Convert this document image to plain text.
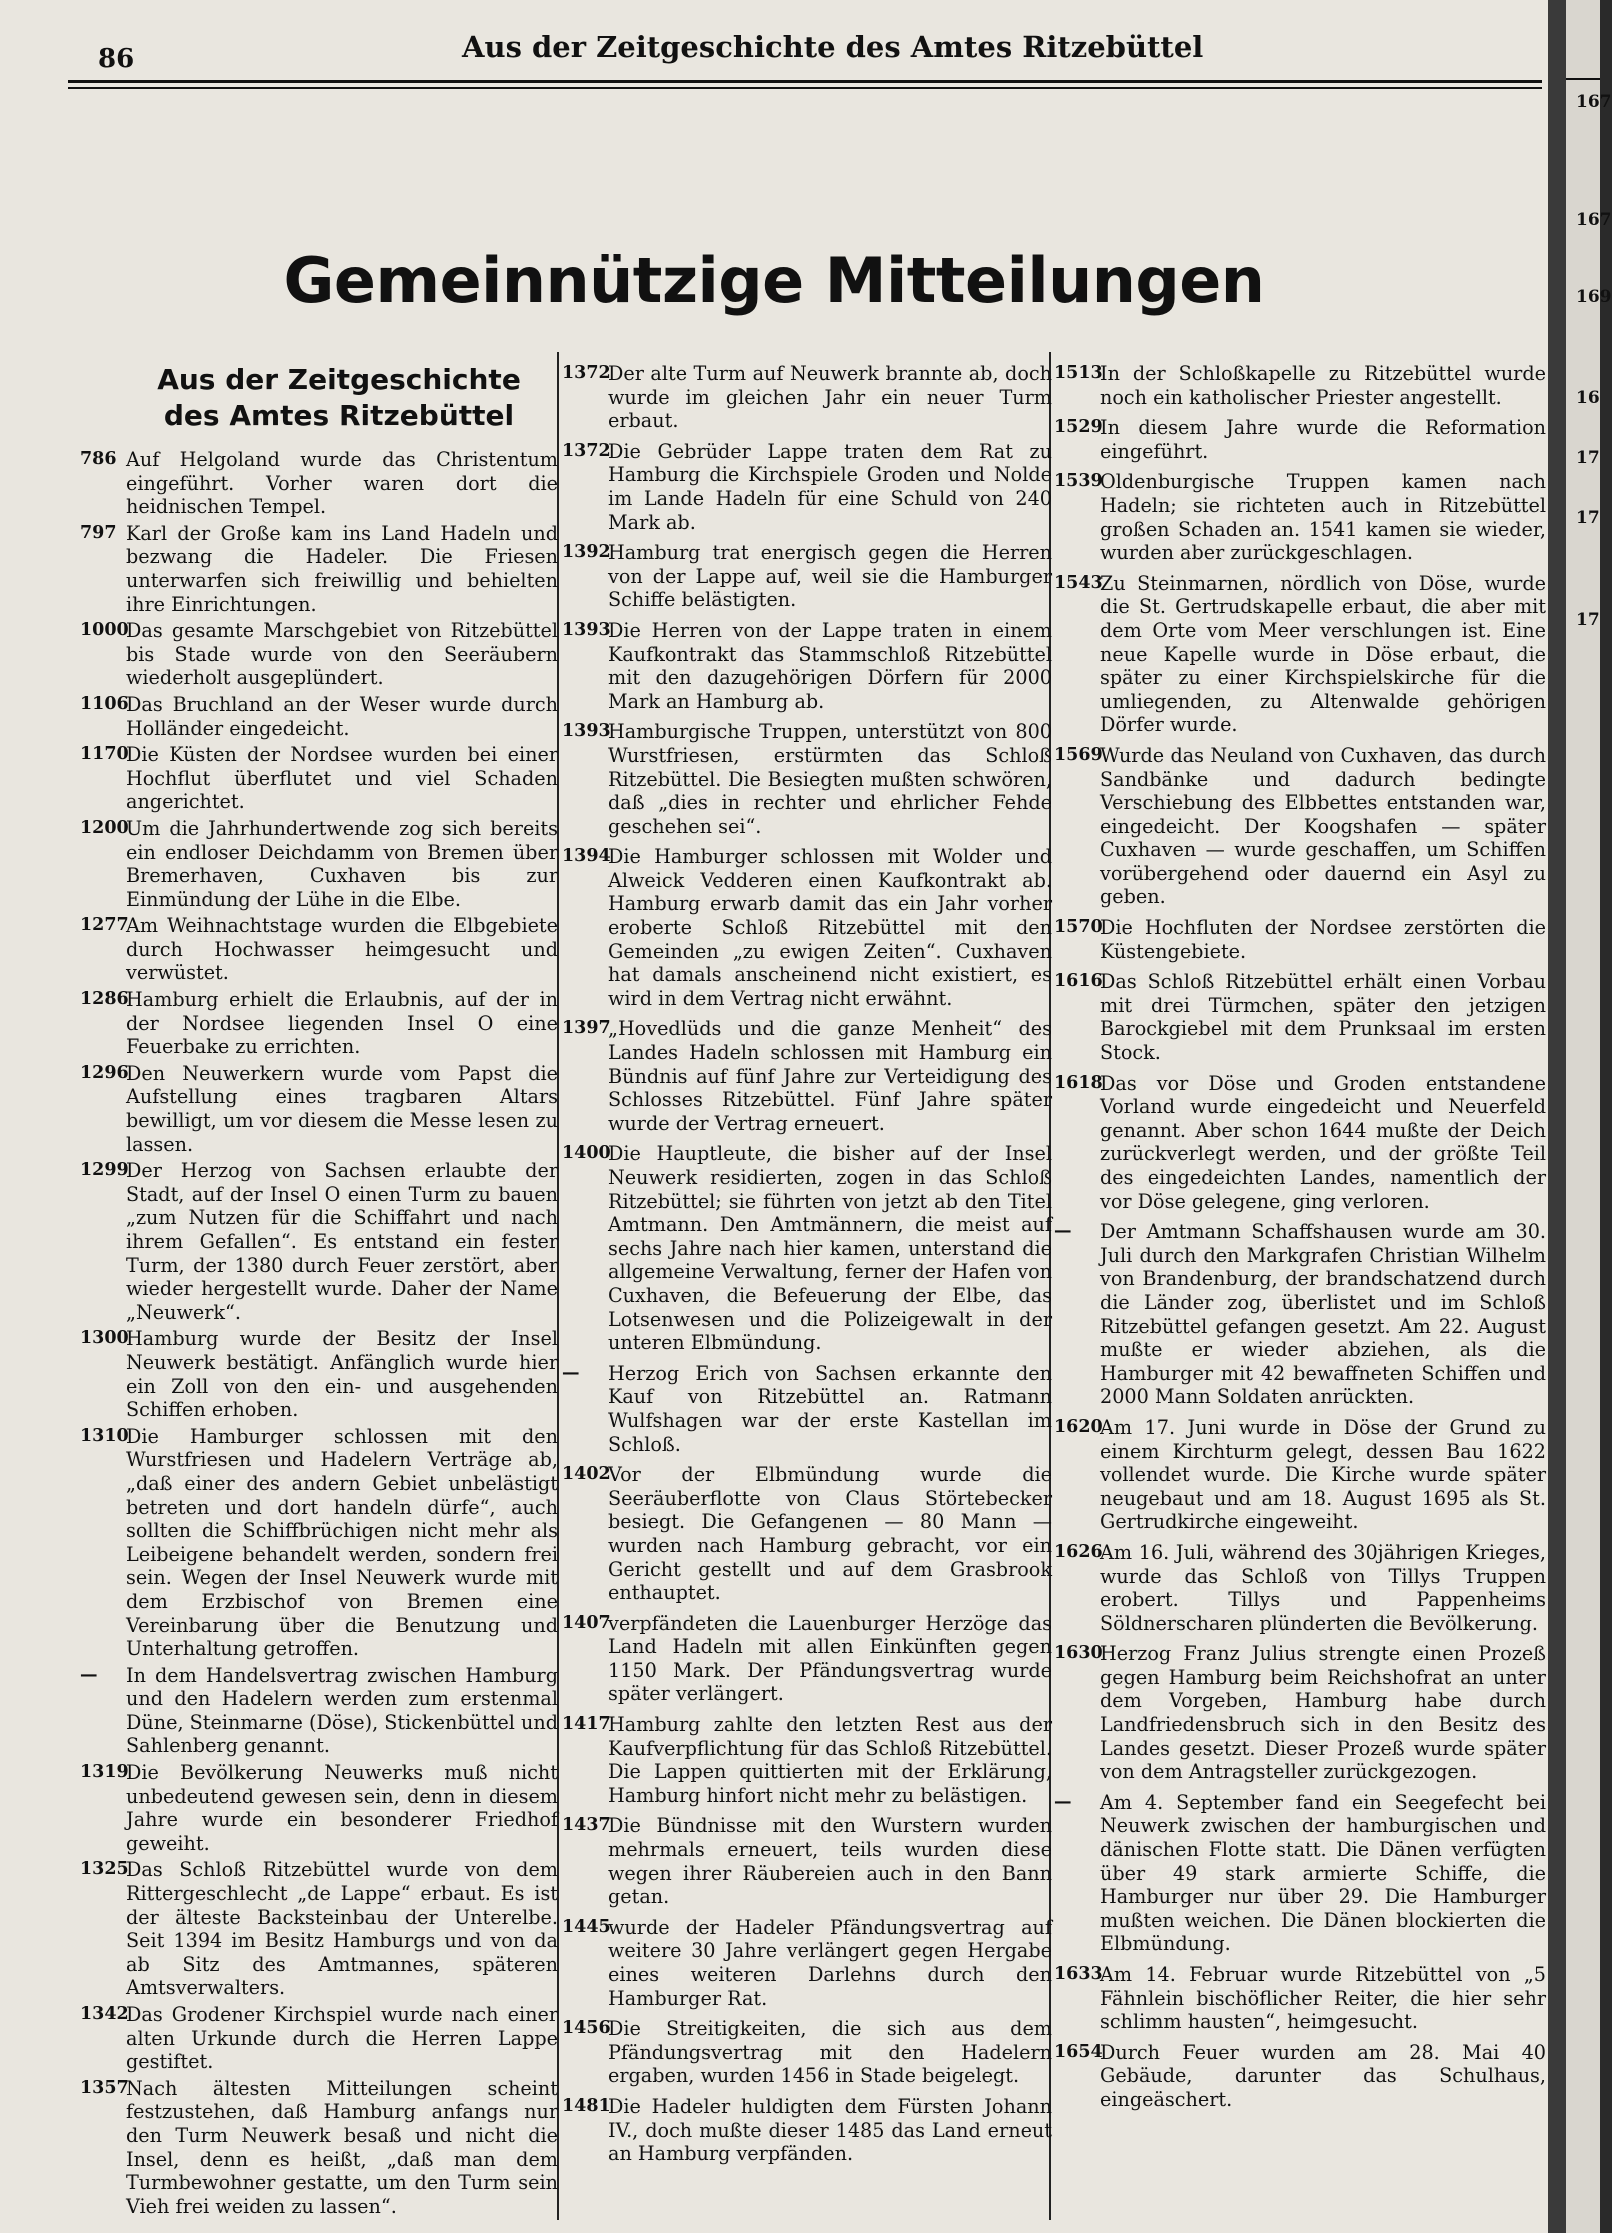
86	Aus der Zeitgeschichte des Amtes Ritzebüttel
Gemeinnützige Mitteilungen
Aus der Zeitgeschichte
des Amtes Ritzebüttel
786 Auf Helgoland wurde das Christentum eingeführt. Vorher waren dort die heidnischen Tempel.
797 Karl der Große kam ins Land Hadeln und bezwang die Hadeler. Die Friesen unterwarfen sich freiwillig und behielten ihre Einrichtungen.
1000
Das gesamte Marschgebiet von Ritzebüttel bis Stade wurde von den Seeräubern wiederholt ausgeplündert.
1106
Das Bruchland an der Weser wurde durch Holländer eingedeicht.
1170
Die Küsten der Nordsee wurden bei einer Hochflut überflutet und viel Schaden angerichtet.
1200
Um die Jahrhundertwende zog sich bereits ein endloser Deichdamm von Bremen über Bremerhaven, Cuxhaven bis zur Einmündung der Lühe in die Elbe.
1277
Am Weihnachtstage wurden die Elbgebiete durch Hochwasser heimgesucht und verwüstet.
1286
Hamburg erhielt die Erlaubnis, auf der in der Nordsee liegenden Insel O eine Feuerbake zu errichten.
1296
Den Neuwerkern wurde vom Papst die Aufstellung eines tragbaren Altars bewilligt, um vor diesem die Messe lesen zu lassen.
1299
Der Herzog von Sachsen erlaubte der Stadt, auf der Insel O einen Turm zu bauen „zum Nutzen für die Schiffahrt und nach ihrem Gefallen“. Es entstand ein fester Turm, der 1380 durch Feuer zerstört, aber wieder hergestellt wurde. Daher der Name „Neuwerk“.
1300
Hamburg wurde der Besitz der Insel Neuwerk bestätigt. Anfänglich wurde hier ein Zoll von den ein- und ausgehenden Schiffen erhoben.
1310
Die Hamburger schlossen mit den Wurstfriesen und Hadelern Verträge ab, „daß einer des andern Gebiet unbelästigt betreten und dort handeln dürfe“, auch sollten die Schiffbrüchigen nicht mehr als Leibeigene behandelt werden, sondern frei sein. Wegen der Insel Neuwerk wurde mit dem Erzbischof von Bremen eine Vereinbarung über die Benutzung und Unterhaltung getroffen.
—	In dem Handelsvertrag zwischen Hamburg und den Hadelern werden zum erstenmal Düne, Steinmarne (Döse), Stickenbüttel und Sahlenberg genannt.
1319
Die Bevölkerung Neuwerks muß nicht unbedeutend gewesen sein, denn in diesem Jahre wurde ein besonderer Friedhof geweiht.
1325
Das Schloß Ritzebüttel wurde von dem Rittergeschlecht „de Lappe“ erbaut. Es ist der älteste Backsteinbau der Unterelbe. Seit 1394 im Besitz Hamburgs und von da ab Sitz des Amtmannes, späteren Amtsverwalters.
1342
Das Grodener Kirchspiel wurde nach einer alten Urkunde durch die Herren Lappe gestiftet.
1357
Nach ältesten Mitteilungen scheint festzustehen, daß Hamburg anfangs nur den Turm Neuwerk besaß und nicht die Insel, denn es heißt, „daß man dem Turmbewohner gestatte, um den Turm sein Vieh frei weiden zu lassen“.
1372
Der alte Turm auf Neuwerk brannte ab, doch wurde im gleichen Jahr ein neuer Turm erbaut.
1372
Die Gebrüder Lappe traten dem Rat zu Hamburg die Kirchspiele Groden und Nolde im Lande Hadeln für eine Schuld von 240 Mark ab.
1392
Hamburg trat energisch gegen die Herren von der Lappe auf, weil sie die Hamburger Schiffe belästigten.
1393
Die Herren von der Lappe traten in einem Kaufkontrakt das Stammschloß Ritzebüttel mit den dazugehörigen Dörfern für 2000 Mark an Hamburg ab.
1393
Hamburgische Truppen, unterstützt von 800 Wurstfriesen, erstürmten das Schloß Ritzebüttel. Die Besiegten mußten schwören, daß „dies in rechter und ehrlicher Fehde geschehen sei“.
1394
Die Hamburger schlossen mit Wolder und Alweick Vedderen einen Kaufkontrakt ab. Hamburg erwarb damit das ein Jahr vorher eroberte Schloß Ritzebüttel mit den Gemeinden „zu ewigen Zeiten“. Cuxhaven hat damals anscheinend nicht existiert, es wird in dem Vertrag nicht erwähnt.
1397
„Hovedlüds und die ganze Menheit“ des Landes Hadeln schlossen mit Hamburg ein Bündnis auf fünf Jahre zur Verteidigung des Schlosses Ritzebüttel. Fünf Jahre später wurde der Vertrag erneuert.
1400
Die Hauptleute, die bisher auf der Insel Neuwerk residierten, zogen in das Schloß Ritzebüttel; sie führten von jetzt ab den Titel Amtmann. Den Amtmännern, die meist auf sechs Jahre nach hier kamen, unterstand die allgemeine Verwaltung, ferner der Hafen von Cuxhaven, die Befeuerung der Elbe, das Lotsenwesen und die Polizeigewalt in der unteren Elbmündung.
—	Herzog Erich von Sachsen erkannte den Kauf von Ritzebüttel an. Ratmann Wulfshagen war der erste Kastellan im Schloß.
1402
Vor der Elbmündung wurde die Seeräuberflotte von Claus Störtebecker besiegt. Die Gefangenen — 80 Mann — wurden nach Hamburg gebracht, vor ein Gericht gestellt und auf dem Grasbrook enthauptet.
1407
verpfändeten die Lauenburger Herzöge das Land Hadeln mit allen Einkünften gegen 1150 Mark. Der Pfändungsvertrag wurde später verlängert.
1417
Hamburg zahlte den letzten Rest aus der Kaufverpflichtung für das Schloß Ritzebüttel. Die Lappen quittierten mit der Erklärung, Hamburg hinfort nicht mehr zu belästigen.
1437
Die Bündnisse mit den Wurstern wurden mehrmals erneuert, teils wurden diese wegen ihrer Räubereien auch in den Bann getan.
1445
wurde der Hadeler Pfändungsvertrag auf weitere 30 Jahre verlängert gegen Hergabe eines weiteren Darlehns durch den Hamburger Rat.
1456
Die Streitigkeiten, die sich aus dem Pfändungsvertrag mit den Hadelern ergaben, wurden 1456 in Stade beigelegt.
1481
Die Hadeler huldigten dem Fürsten Johann IV., doch mußte dieser 1485 das Land erneut an Hamburg verpfänden.
1513
In der Schloßkapelle zu Ritzebüttel wurde noch ein katholischer Priester angestellt.
1529
In diesem Jahre wurde die Reformation eingeführt.
1539
Oldenburgische Truppen kamen nach Hadeln; sie richteten auch in Ritzebüttel großen Schaden an. 1541 kamen sie wieder, wurden aber zurückgeschlagen.
1543
Zu Steinmarnen, nördlich von Döse, wurde die St. Gertrudskapelle erbaut, die aber mit dem Orte vom Meer verschlungen ist. Eine neue Kapelle wurde in Döse erbaut, die später zu einer Kirchspielskirche für die umliegenden, zu Altenwalde gehörigen Dörfer wurde.
1569
Wurde das Neuland von Cuxhaven, das durch Sandbänke und dadurch bedingte Verschiebung des Elbbettes entstanden war, eingedeicht. Der Koogshafen — später Cuxhaven — wurde geschaffen, um Schiffen vorübergehend oder dauernd ein Asyl zu geben.
1570
Die Hochfluten der Nordsee zerstörten die Küstengebiete.
1616
Das Schloß Ritzebüttel erhält einen Vorbau mit drei Türmchen, später den jetzigen Barockgiebel mit dem Prunksaal im ersten Stock.
1618
Das vor Döse und Groden entstandene Vorland wurde eingedeicht und Neuerfeld genannt. Aber schon 1644 mußte der Deich zurückverlegt werden, und der größte Teil des eingedeichten Landes, namentlich der vor Döse gelegene, ging verloren.
—	Der Amtmann Schaffshausen wurde am 30. Juli durch den Markgrafen Christian Wilhelm von Brandenburg, der brandschatzend durch die Länder zog, überlistet und im Schloß Ritzebüttel gefangen gesetzt. Am 22. August mußte er wieder abziehen, als die Hamburger mit 42 bewaffneten Schiffen und 2000 Mann Soldaten anrückten.
1620
Am 17. Juni wurde in Döse der Grund zu einem Kirchturm gelegt, dessen Bau 1622 vollendet wurde. Die Kirche wurde später neugebaut und am 18. August 1695 als St. Gertrudkirche eingeweiht.
1626
Am 16. Juli, während des 30jährigen Krieges, wurde das Schloß von Tillys Truppen erobert. Tillys und Pappenheims Söldnerscharen plünderten die Bevölkerung.
1630
Herzog Franz Julius strengte einen Prozeß gegen Hamburg beim Reichshofrat an unter dem Vorgeben, Hamburg habe durch Landfriedensbruch sich in den Besitz des Landes gesetzt. Dieser Prozeß wurde später von dem Antragsteller zurückgezogen.
—	Am 4. September fand ein Seegefecht bei Neuwerk zwischen der hamburgischen und dänischen Flotte statt. Die Dänen verfügten über 49 stark armierte Schiffe, die Hamburger nur über 29. Die Hamburger mußten weichen. Die Dänen blockierten die Elbmündung.
1633
Am 14. Februar wurde Ritzebüttel von „5 Fähnlein bischöflicher Reiter, die hier sehr schlimm hausten“, heimgesucht.
1654
Durch Feuer wurden am 28. Mai 40 Gebäude, darunter das Schulhaus, eingeäschert.
167
167
169
16
17
17
17
